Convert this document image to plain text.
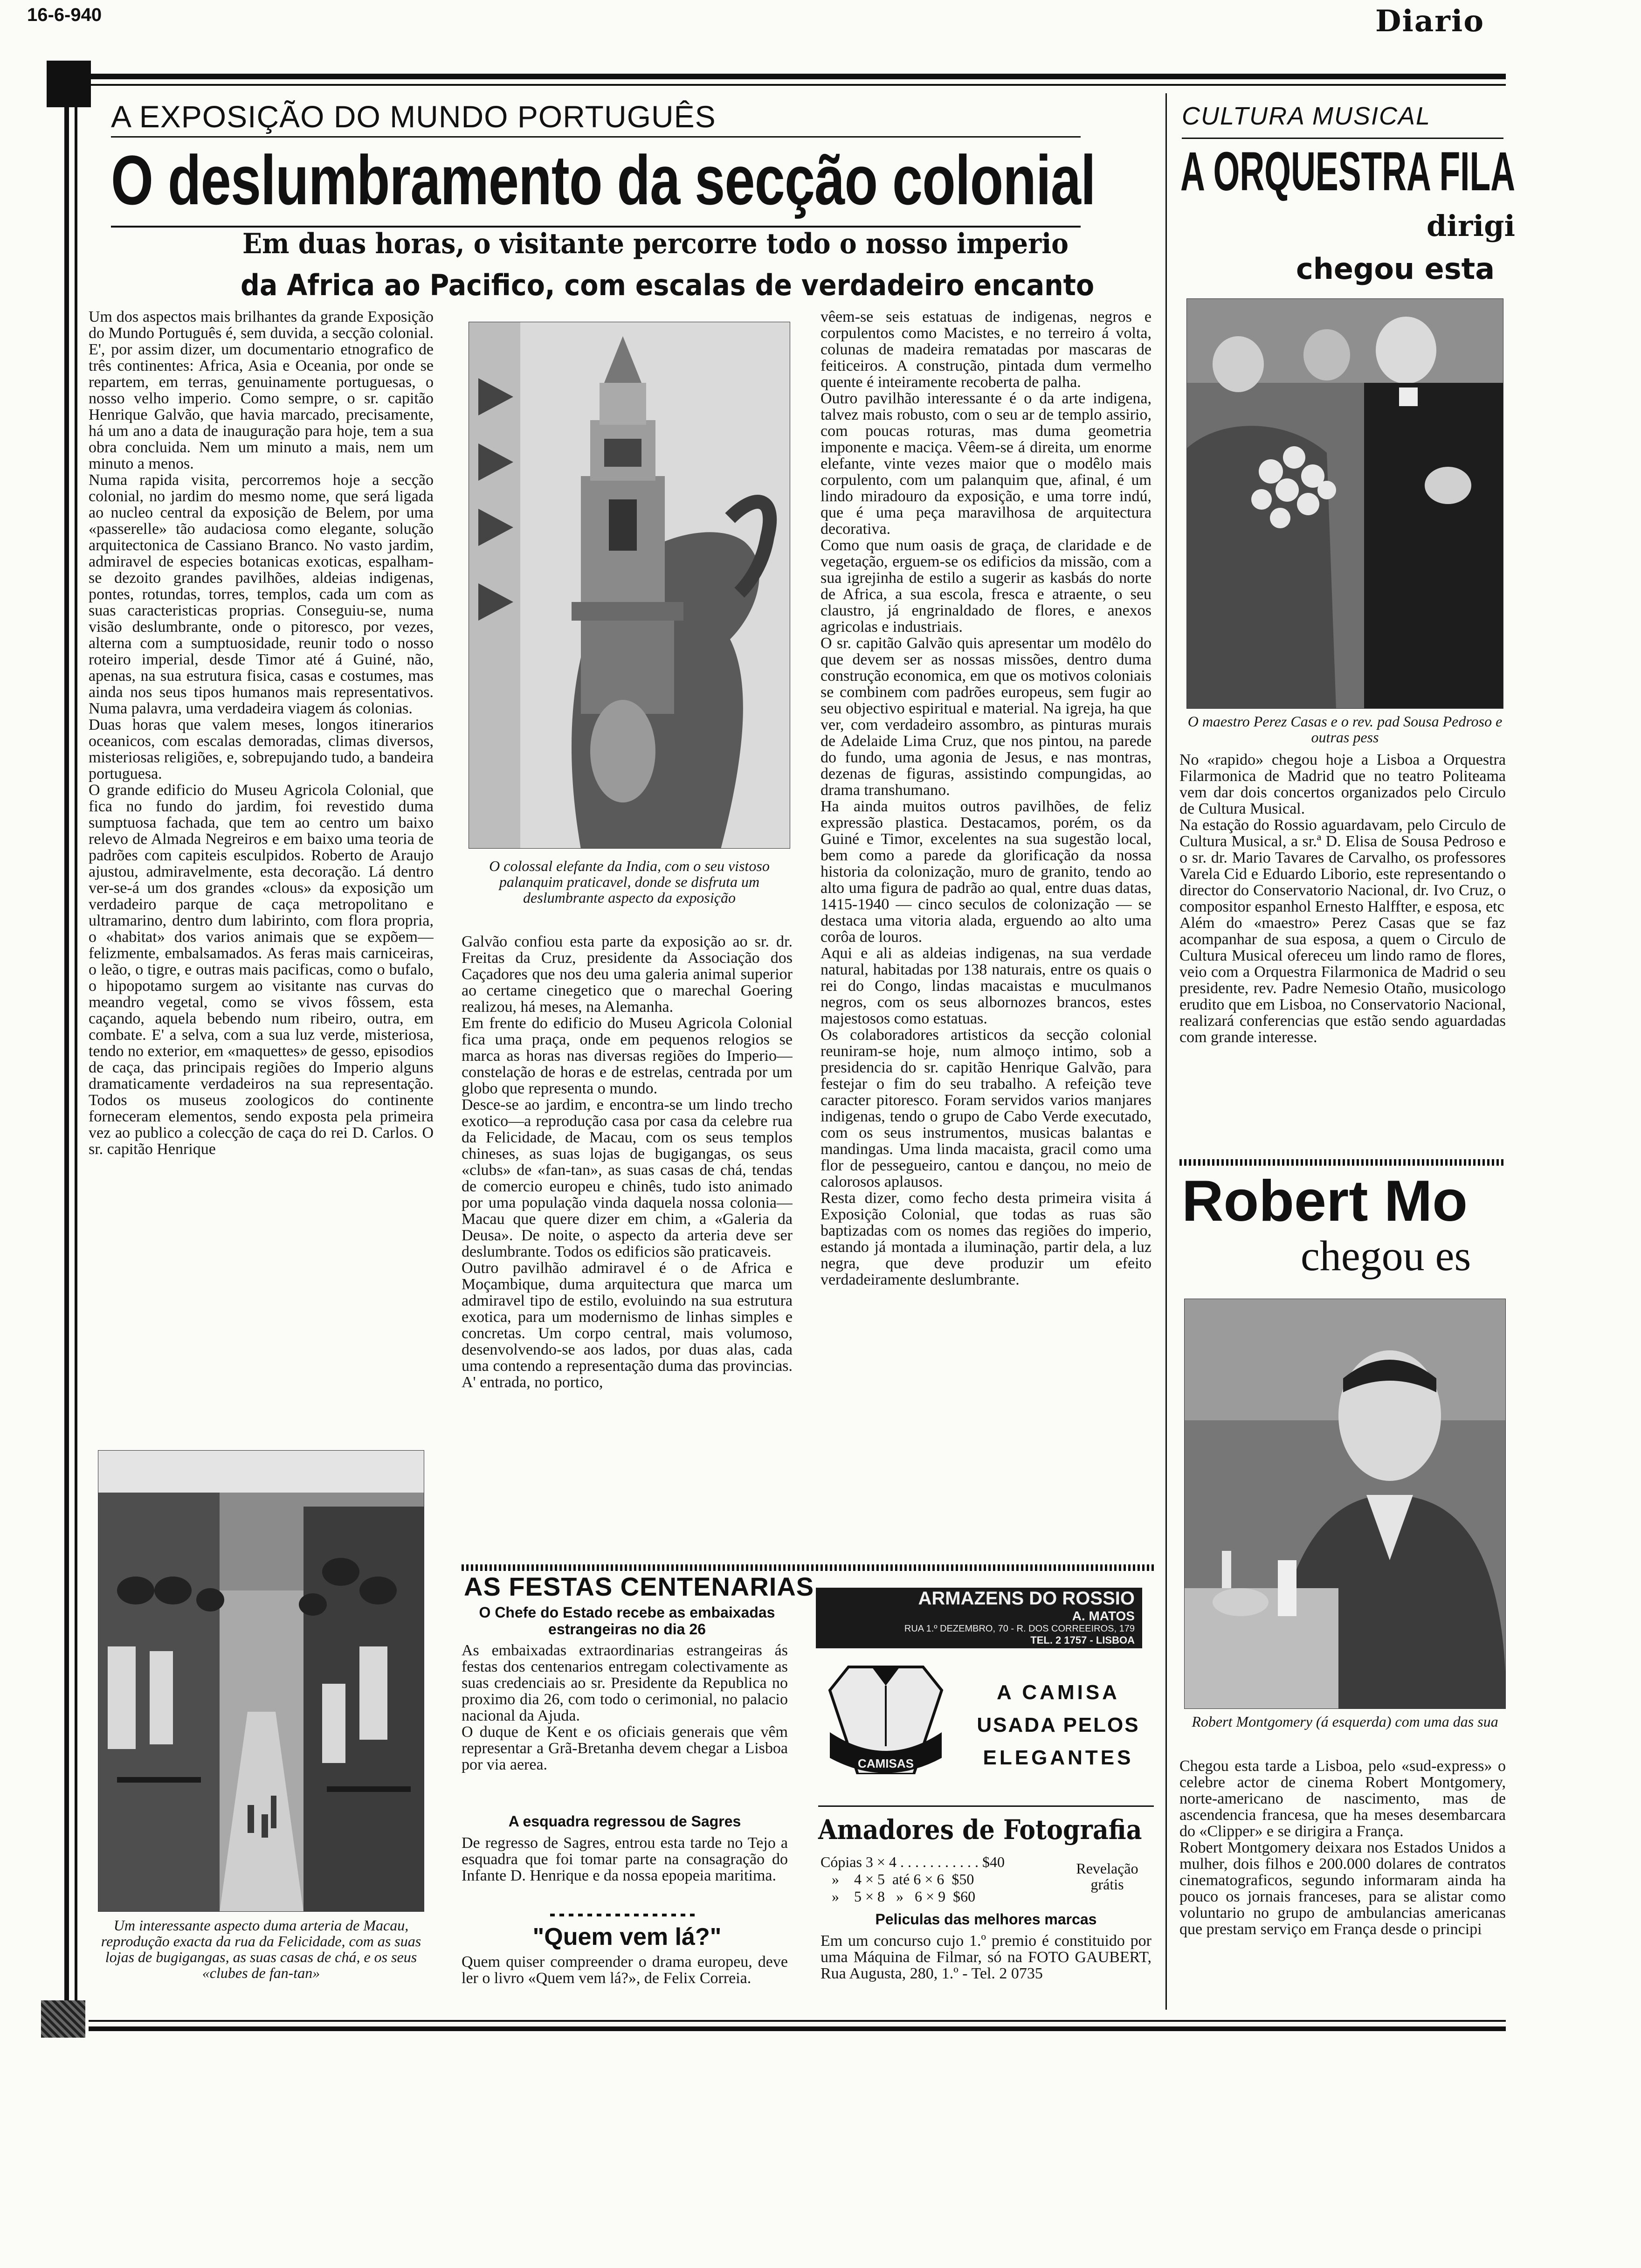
16-6-940	Diario
A EXPOSIÇÃO DO MUNDO PORTUGUÊS
O deslumbramento da secção colonial
Em duas horas, o visitante percorre todo o nosso imperio
da Africa ao Pacifico, com escalas de verdadeiro encanto
Um dos aspectos mais brilhantes da grande Exposição do Mundo Português é, sem duvida, a secção colonial. E', por assim dizer, um documentario etnografico de três continentes: Africa, Asia e Oceania, por onde se repartem, em terras, genuinamente portuguesas, o nosso velho imperio. Como sempre, o sr. capitão Henrique Galvão, que havia marcado, precisamente, há um ano a data de inauguração para hoje, tem a sua obra concluida. Nem um minuto a mais, nem um minuto a menos.
Numa rapida visita, percorremos hoje a secção colonial, no jardim do mesmo nome, que será ligada ao nucleo central da exposição de Belem, por uma «passerelle» tão audaciosa como elegante, solução arquitectonica de Cassiano Branco. No vasto jardim, admiravel de especies botanicas exoticas, espalham-se dezoito grandes pavilhões, aldeias indigenas, pontes, rotundas, torres, templos, cada um com as suas caracteristicas proprias. Conseguiu-se, numa visão deslumbrante, onde o pitoresco, por vezes, alterna com a sumptuosidade, reunir todo o nosso roteiro imperial, desde Timor até á Guiné, não, apenas, na sua estrutura fisica, casas e costumes, mas ainda nos seus tipos humanos mais representativos. Numa palavra, uma verdadeira viagem ás colonias.
Duas horas que valem meses, longos itinerarios oceanicos, com escalas demoradas, climas diversos, misteriosas religiões, e, sobrepujando tudo, a bandeira portuguesa.
O grande edificio do Museu Agricola Colonial, que fica no fundo do jardim, foi revestido duma sumptuosa fachada, que tem ao centro um baixo relevo de Almada Negreiros e em baixo uma teoria de padrões com capiteis esculpidos. Roberto de Araujo ajustou, admiravelmente, esta decoração. Lá dentro ver-se-á um dos grandes «clous» da exposição um verdadeiro parque de caça metropolitano e ultramarino, dentro dum labirinto, com flora propria, o «habitat» dos varios animais que se expõem—felizmente, embalsamados. As feras mais carniceiras, o leão, o tigre, e outras mais pacificas, como o bufalo, o hipopotamo surgem ao visitante nas curvas do meandro vegetal, como se vivos fôssem, esta caçando, aquela bebendo num ribeiro, outra, em combate. E' a selva, com a sua luz verde, misteriosa, tendo no exterior, em «maquettes» de gesso, episodios de caça, das principais regiões do Imperio alguns dramaticamente verdadeiros na sua representação. Todos os museus zoologicos do continente forneceram elementos, sendo exposta pela primeira vez ao publico a colecção de caça do rei D. Carlos. O sr. capitão Henrique
Um interessante aspecto duma arteria de Macau, reprodução exacta da rua da Felicidade, com as suas lojas de bugigangas, as suas casas de chá, e os seus «clubes de fan-tan»
O colossal elefante da India, com o seu vistoso palanquim praticavel, donde se disfruta um deslumbrante aspecto da exposição
Galvão confiou esta parte da exposição ao sr. dr. Freitas da Cruz, presidente da Associação dos Caçadores que nos deu uma galeria animal superior ao certame cinegetico que o marechal Goering realizou, há meses, na Alemanha.
Em frente do edificio do Museu Agricola Colonial fica uma praça, onde em pequenos relogios se marca as horas nas diversas regiões do Imperio—constelação de horas e de estrelas, centrada por um globo que representa o mundo.
Desce-se ao jardim, e encontra-se um lindo trecho exotico—a reprodução casa por casa da celebre rua da Felicidade, de Macau, com os seus templos chineses, as suas lojas de bugigangas, os seus «clubs» de «fan-tan», as suas casas de chá, tendas de comercio europeu e chinês, tudo isto animado por uma população vinda daquela nossa colonia—Macau que quere dizer em chim, a «Galeria da Deusa». De noite, o aspecto da arteria deve ser deslumbrante. Todos os edificios são praticaveis.
Outro pavilhão admiravel é o de Africa e Moçambique, duma arquitectura que marca um admiravel tipo de estilo, evoluindo na sua estrutura exotica, para um modernismo de linhas simples e concretas. Um corpo central, mais volumoso, desenvolvendo-se aos lados, por duas alas, cada uma contendo a representação duma das provincias. A' entrada, no portico,
vêem-se seis estatuas de indigenas, negros e corpulentos como Macistes, e no terreiro á volta, colunas de madeira rematadas por mascaras de feiticeiros. A construção, pintada dum vermelho quente é inteiramente recoberta de palha.
Outro pavilhão interessante é o da arte indigena, talvez mais robusto, com o seu ar de templo assirio, com poucas roturas, mas duma geometria imponente e maciça. Vêem-se á direita, um enorme elefante, vinte vezes maior que o modêlo mais corpulento, com um palanquim que, afinal, é um lindo miradouro da exposição, e uma torre indú, que é uma peça maravilhosa de arquitectura decorativa.
Como que num oasis de graça, de claridade e de vegetação, erguem-se os edificios da missão, com a sua igrejinha de estilo a sugerir as kasbás do norte de Africa, a sua escola, fresca e atraente, o seu claustro, já engrinaldado de flores, e anexos agricolas e industriais.
O sr. capitão Galvão quis apresentar um modêlo do que devem ser as nossas missões, dentro duma construção economica, em que os motivos coloniais se combinem com padrões europeus, sem fugir ao seu objectivo espiritual e material. Na igreja, ha que ver, com verdadeiro assombro, as pinturas murais de Adelaide Lima Cruz, que nos pintou, na parede do fundo, uma agonia de Jesus, e nas montras, dezenas de figuras, assistindo compungidas, ao drama transhumano.
Ha ainda muitos outros pavilhões, de feliz expressão plastica. Destacamos, porém, os da Guiné e Timor, excelentes na sua sugestão local, bem como a parede da glorificação da nossa historia da colonização, muro de granito, tendo ao alto uma figura de padrão ao qual, entre duas datas, 1415-1940 — cinco seculos de colonização — se destaca uma vitoria alada, erguendo ao alto uma corôa de louros.
Aqui e ali as aldeias indigenas, na sua verdade natural, habitadas por 138 naturais, entre os quais o rei do Congo, lindas macaistas e muculmanos negros, com os seus albornozes brancos, estes majestosos como estatuas.
Os colaboradores artisticos da secção colonial reuniram-se hoje, num almoço intimo, sob a presidencia do sr. capitão Henrique Galvão, para festejar o fim do seu trabalho. A refeição teve caracter pitoresco. Foram servidos varios manjares indigenas, tendo o grupo de Cabo Verde executado, com os seus instrumentos, musicas balantas e mandingas. Uma linda macaista, gracil como uma flor de pessegueiro, cantou e dançou, no meio de calorosos aplausos.
Resta dizer, como fecho desta primeira visita á Exposição Colonial, que todas as ruas são baptizadas com os nomes das regiões do imperio, estando já montada a iluminação, partir dela, a luz negra, que deve produzir um efeito verdadeiramente deslumbrante.
AS FESTAS CENTENARIAS
O Chefe do Estado recebe as embaixadas estrangeiras no dia 26
As embaixadas extraordinarias estrangeiras ás festas dos centenarios entregam colectivamente as suas credenciais ao sr. Presidente da Republica no proximo dia 26, com todo o cerimonial, no palacio nacional da Ajuda.
O duque de Kent e os oficiais generais que vêm representar a Grã-Bretanha devem chegar a Lisboa por via aerea.
A esquadra regressou de Sagres
De regresso de Sagres, entrou esta tarde no Tejo a esquadra que foi tomar parte na consagração do Infante D. Henrique e da nossa epopeia maritima.
"Quem vem lá?"
Quem quiser compreender o drama europeu, deve ler o livro «Quem vem lá?», de Felix Correia.
ARMAZENS DO ROSSIO
A. MATOS
RUA 1.º DEZEMBRO, 70 - R. DOS CORREEIROS, 179
TEL. 2 1757 - LISBOA
CAMISAS
A CAMISA
USADA PELOS
ELEGANTES
Amadores de Fotografia
Cópias 3 × 4 . . . . . . . . . . . $40
»    4 × 5  até 6 × 6  $50
»    5 × 8   »   6 × 9  $60
Revelação grátis
Peliculas das melhores marcas
Em um concurso cujo 1.º premio é constituido por uma Máquina de Filmar, só na FOTO GAUBERT, Rua Augusta, 280, 1.º - Tel. 2 0735
CULTURA MUSICAL
A ORQUESTRA FILA
dirigi
chegou esta
O maestro Perez Casas e o rev. pad Sousa Pedroso e outras pess
No «rapido» chegou hoje a Lisboa a Orquestra Filarmonica de Madrid que no teatro Politeama vem dar dois concertos organizados pelo Circulo de Cultura Musical.
Na estação do Rossio aguardavam, pelo Circulo de Cultura Musical, a sr.ª D. Elisa de Sousa Pedroso e o sr. dr. Mario Tavares de Carvalho, os professores Varela Cid e Eduardo Liborio, este representando o director do Conservatorio Nacional, dr. Ivo Cruz, o compositor espanhol Ernesto Halffter, e esposa, etc
Além do «maestro» Perez Casas que se faz acompanhar de sua esposa, a quem o Circulo de Cultura Musical ofereceu um lindo ramo de flores, veio com a Orquestra Filarmonica de Madrid o seu presidente, rev. Padre Nemesio Otaño, musicologo erudito que em Lisboa, no Conservatorio Nacional, realizará conferencias que estão sendo aguardadas com grande interesse.
Robert Mo
chegou es
Robert Montgomery (á esquerda) com uma das sua
Chegou esta tarde a Lisboa, pelo «sud-express» o celebre actor de cinema Robert Montgomery, norte-americano de nascimento, mas de ascendencia francesa, que ha meses desembarcara do «Clipper» e se dirigira a França.
Robert Montgomery deixara nos Estados Unidos a mulher, dois filhos e 200.000 dolares de contratos cinematograficos, segundo informaram ainda ha pouco os jornais franceses, para se alistar como voluntario no grupo de ambulancias americanas que prestam serviço em França desde o principi
